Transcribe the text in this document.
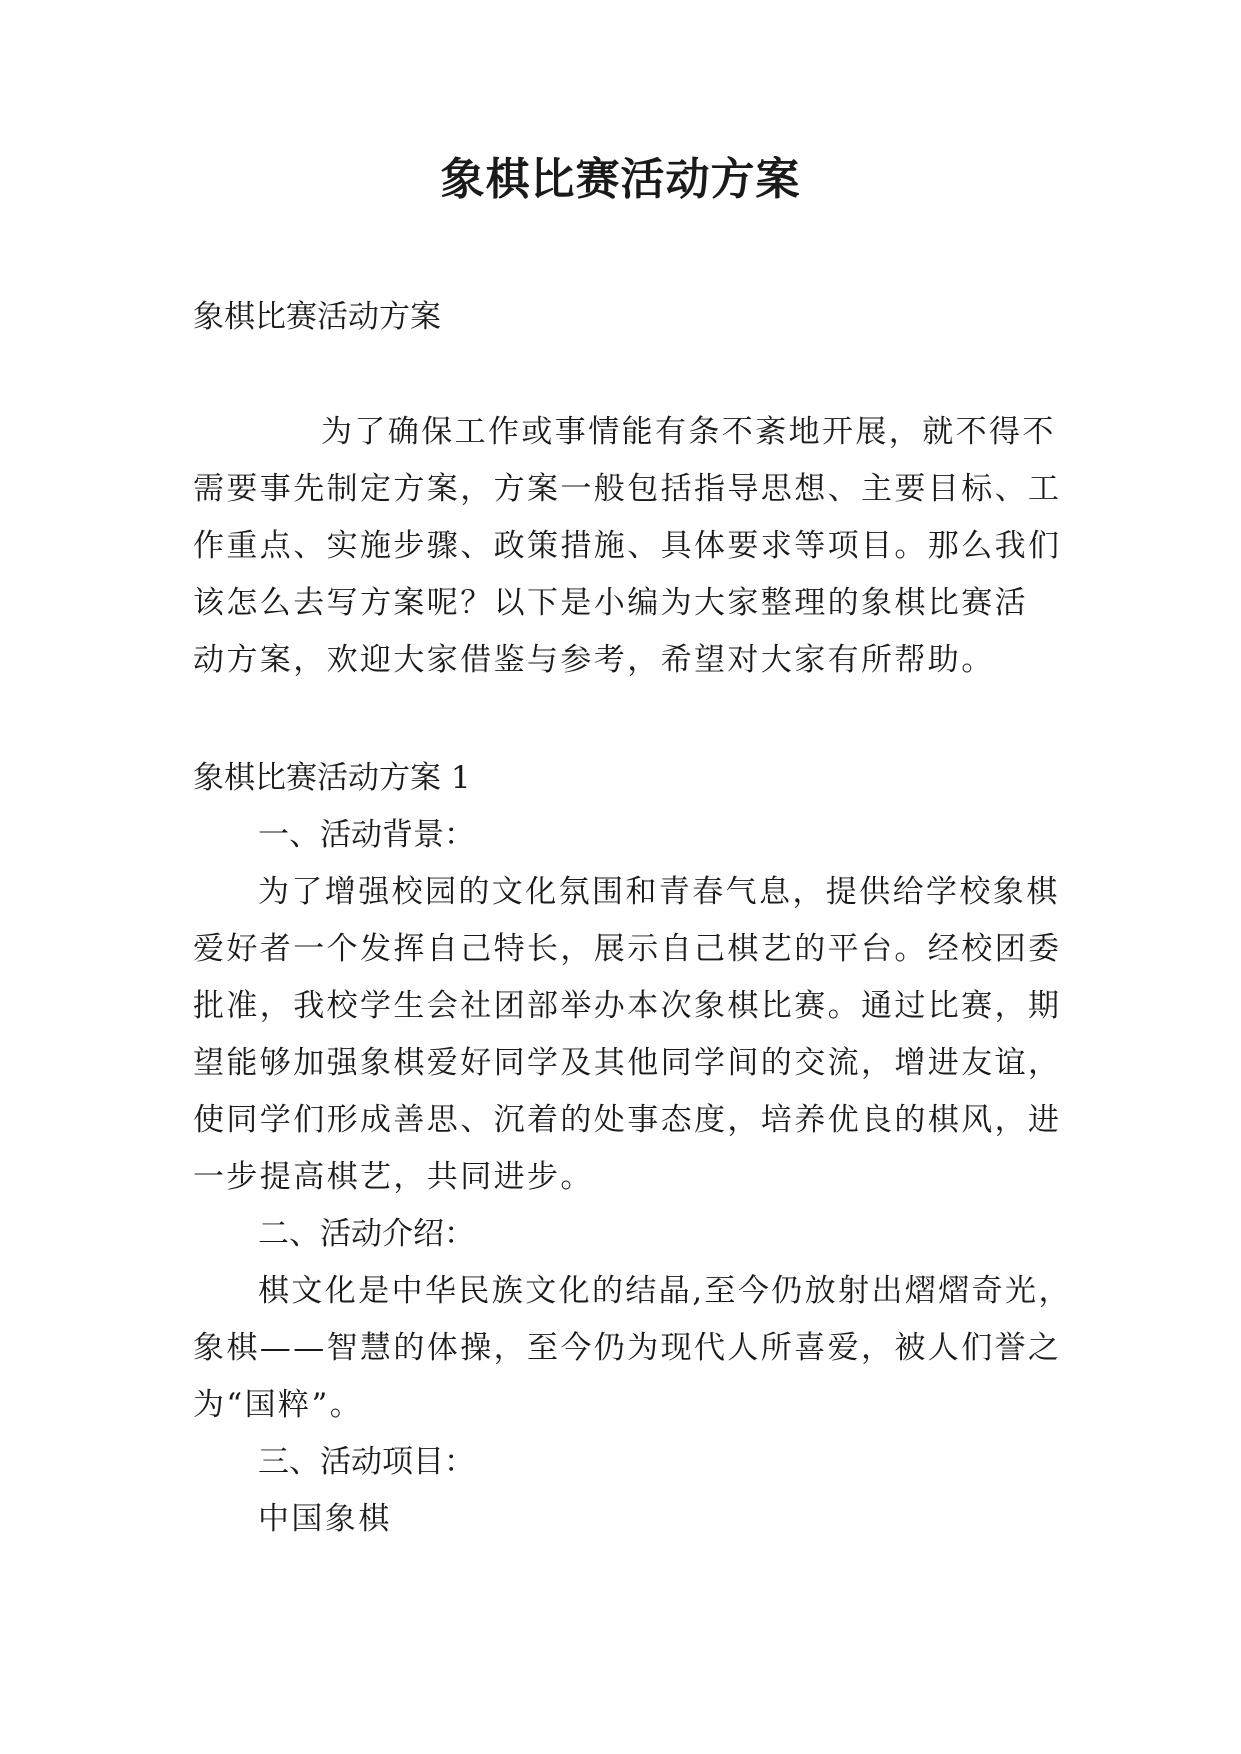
象棋比赛活动方案

象棋比赛活动方案

为了确保工作或事情能有条不紊地开展，就不得不

需要事先制定方案，方案一般包括指导思想、主要目标、工

作重点、实施步骤、政策措施、具体要求等项目。那么我们

该怎么去写方案呢？以下是小编为大家整理的象棋比赛活

动方案，欢迎大家借鉴与参考，希望对大家有所帮助。

象棋比赛活动方案 1

一、活动背景：

为了增强校园的文化氛围和青春气息，提供给学校象棋

爱好者一个发挥自己特长，展示自己棋艺的平台。经校团委

批准，我校学生会社团部举办本次象棋比赛。通过比赛，期

望能够加强象棋爱好同学及其他同学间的交流，增进友谊，

使同学们形成善思、沉着的处事态度，培养优良的棋风，进

一步提高棋艺，共同进步。

二、活动介绍：

棋文化是中华民族文化的结晶,至今仍放射出熠熠奇光，

象棋——智慧的体操，至今仍为现代人所喜爱，被人们誉之

为“国粹”。

三、活动项目：

中国象棋
